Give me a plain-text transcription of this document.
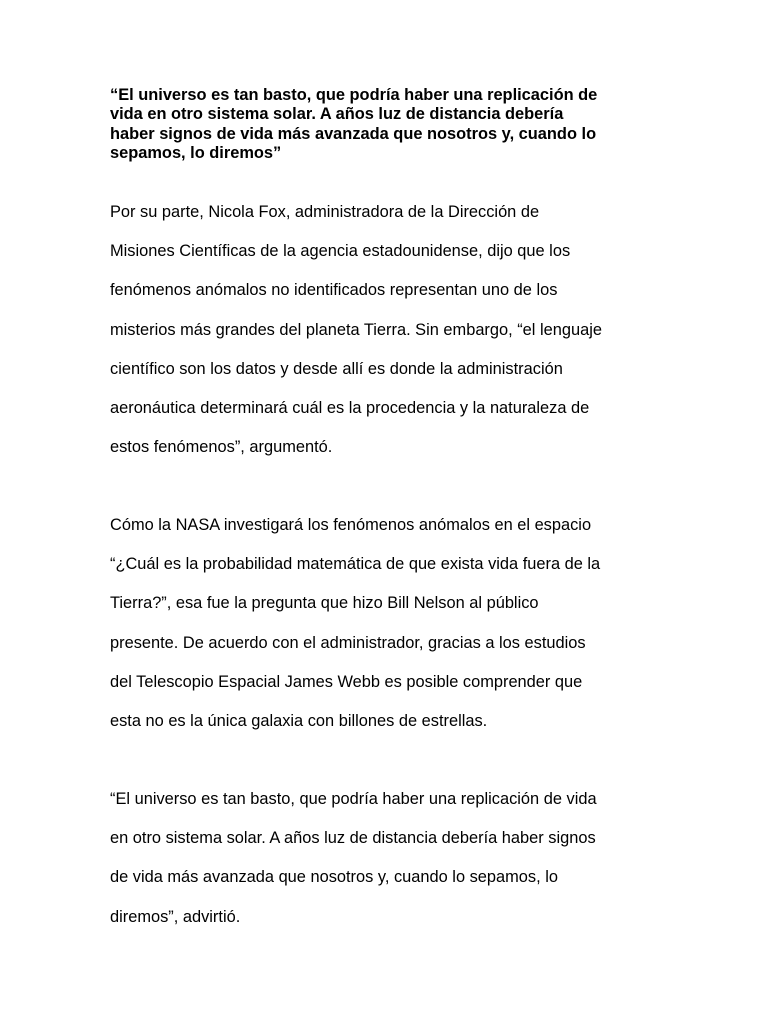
“El universo es tan basto, que podría haber una replicación de
vida en otro sistema solar. A años luz de distancia debería
haber signos de vida más avanzada que nosotros y, cuando lo
sepamos, lo diremos”

Por su parte, Nicola Fox, administradora de la Dirección de
Misiones Científicas de la agencia estadounidense, dijo que los
fenómenos anómalos no identificados representan uno de los
misterios más grandes del planeta Tierra. Sin embargo, “el lenguaje
científico son los datos y desde allí es donde la administración
aeronáutica determinará cuál es la procedencia y la naturaleza de
estos fenómenos”, argumentó.

Cómo la NASA investigará los fenómenos anómalos en el espacio
“¿Cuál es la probabilidad matemática de que exista vida fuera de la
Tierra?”, esa fue la pregunta que hizo Bill Nelson al público
presente. De acuerdo con el administrador, gracias a los estudios
del Telescopio Espacial James Webb es posible comprender que
esta no es la única galaxia con billones de estrellas.

“El universo es tan basto, que podría haber una replicación de vida
en otro sistema solar. A años luz de distancia debería haber signos
de vida más avanzada que nosotros y, cuando lo sepamos, lo
diremos”, advirtió.
